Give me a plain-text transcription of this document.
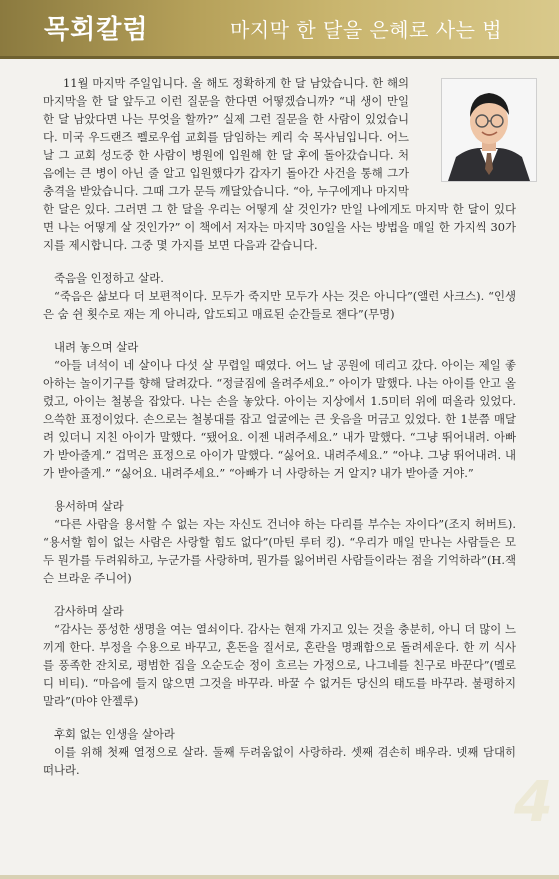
목회칼럼	마지막 한 달을 은혜로 사는 법

11월 마지막 주일입니다. 올 해도 정확하게 한 달 남았습니다. 한 해의 마지막을 한 달 앞두고 이런 질문을 한다면 어떻겠습니까? “내 생이 만일 한 달 남았다면 나는 무엇을 할까?” 실제 그런 질문을 한 사람이 있었습니다. 미국 우드랜즈 펠로우쉽 교회를 담임하는 케리 숙 목사님입니다. 어느 날 그 교회 성도중 한 사람이 병원에 입원해 한 달 후에 돌아갔습니다. 처음에는 큰 병이 아닌 줄 알고 입원했다가 갑자기 돌아간 사건을 통해 그가 충격을 받았습니다. 그때 그가 문득 깨달았습니다. “아, 누구에게나 마지막 한 달은 있다. 그러면 그 한 달을 우리는 어떻게 살 것인가? 만일 나에게도 마지막 한 달이 있다면 나는 어떻게 살 것인가?” 이 책에서 저자는 마지막 30일을 사는 방법을 매일 한 가지씩 30가지를 제시합니다. 그중 몇 가지를 보면 다음과 같습니다.

죽음을 인정하고 살라.

“죽음은 삶보다 더 보편적이다. 모두가 죽지만 모두가 사는 것은 아니다”(앨런 사크스). “인생은 숨 쉰 횟수로 재는 게 아니라, 압도되고 매료된 순간들로 잰다”(무명)

내려 놓으며 살라

“아들 녀석이 네 살이나 다섯 살 무렵일 때였다. 어느 날 공원에 데리고 갔다. 아이는 제일 좋아하는 놀이기구를 향해 달려갔다. “정글짐에 올려주세요.” 아이가 말했다. 나는 아이를 안고 올렸고, 아이는 철봉을 잡았다. 나는 손을 놓았다. 아이는 지상에서 1.5미터 위에 떠올라 있었다. 으쓱한 표정이었다. 손으로는 철봉대를 잡고 얼굴에는 큰 웃음을 머금고 있었다. 한 1분쯤 매달려 있더니 지친 아이가 말했다. “됐어요. 이젠 내려주세요.” 내가 말했다. “그냥 뛰어내려. 아빠가 받아줄게.” 겁먹은 표정으로 아이가 말했다. “싫어요. 내려주세요.” “아냐. 그냥 뛰어내려. 내가 받아줄게.” “싫어요. 내려주세요.” “아빠가 너 사랑하는 거 알지? 내가 받아줄 거야.”

용서하며 살라

“다른 사람을 용서할 수 없는 자는 자신도 건너야 하는 다리를 부수는 자이다”(조지 허버트). “용서할 힘이 없는 사람은 사랑할 힘도 없다”(마틴 루터 킹). “우리가 매일 만나는 사람들은 모두 뭔가를 두려워하고, 누군가를 사랑하며, 뭔가를 잃어버린 사람들이라는 점을 기억하라”(H.잭슨 브라운 주니어)

감사하며 살라

“감사는 풍성한 생명을 여는 열쇠이다. 감사는 현재 가지고 있는 것을 충분히, 아니 더 많이 느끼게 한다. 부정을 수용으로 바꾸고, 혼돈을 질서로, 혼란을 명쾌함으로 돌려세운다. 한 끼 식사를 풍족한 잔치로, 평범한 집을 오순도순 정이 흐르는 가정으로, 나그네를 친구로 바꾼다”(멜로디 비티). “마음에 들지 않으면 그것을 바꾸라. 바꿀 수 없거든 당신의 태도를 바꾸라. 불평하지 말라”(마야 안젤루)

후회 없는 인생을 살아라

이를 위해 첫째 열정으로 살라. 둘째 두려움없이 사랑하라. 셋째 겸손히 배우라. 넷째 담대히 떠나라.	4
